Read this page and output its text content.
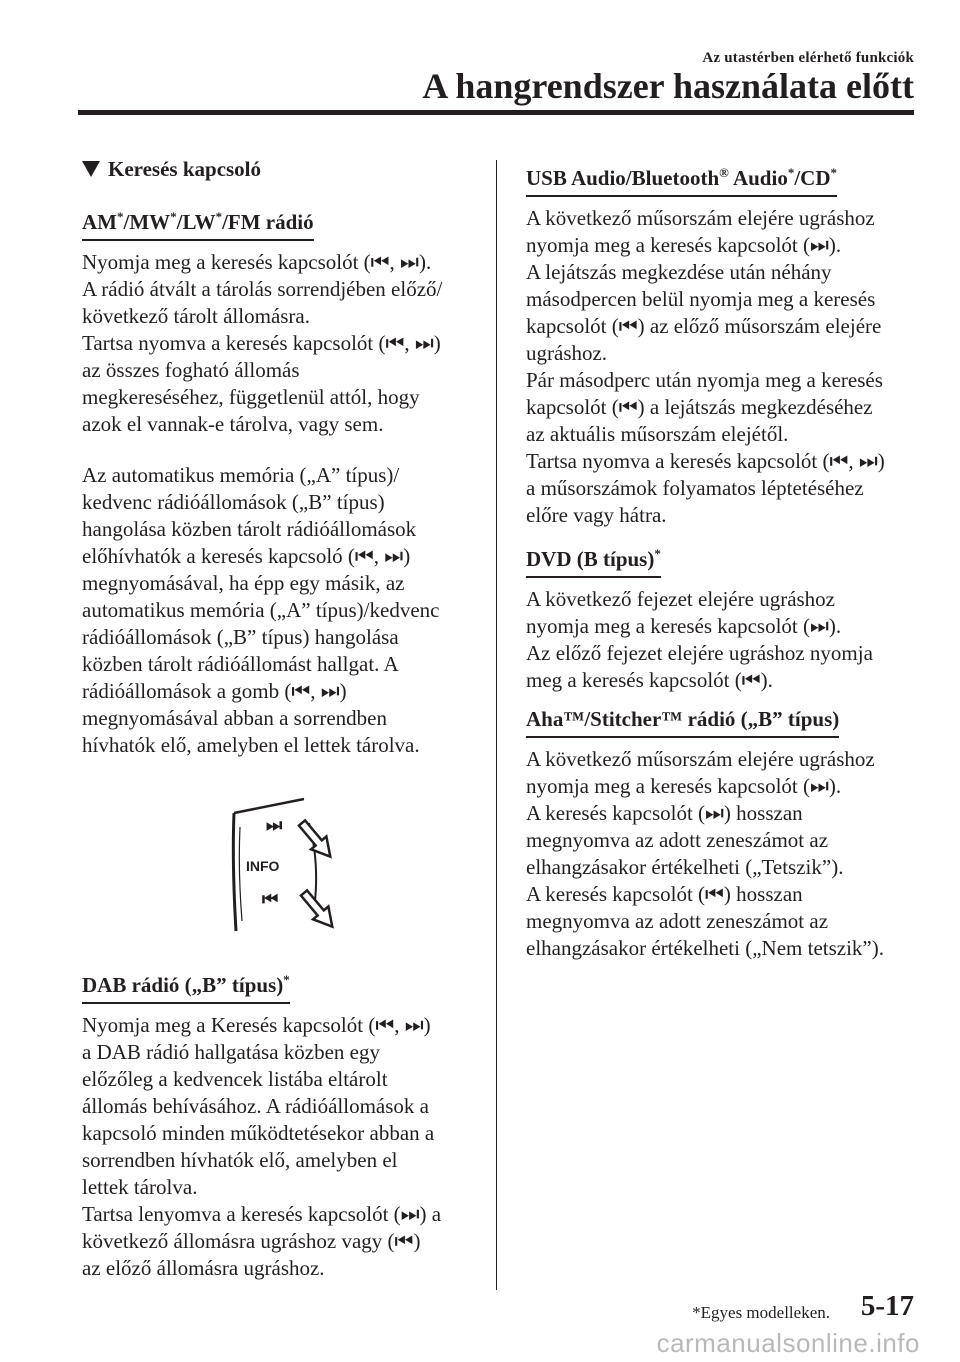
Az utastérben elérhető funkciók
A hangrendszer használata előtt
Keresés kapcsoló
AM*/MW*/LW*/FM rádió

Nyomja meg a keresés kapcsolót (⏮, ⏭).
A rádió átvált a tárolás sorrendjében előző/
következő tárolt állomásra.
Tartsa nyomva a keresés kapcsolót (⏮, ⏭)
az összes fogható állomás
megkereséséhez, függetlenül attól, hogy
azok el vannak-e tárolva, vagy sem.

Az automatikus memória („A” típus)/
kedvenc rádióállomások („B” típus)
hangolása közben tárolt rádióállomások
előhívhatók a keresés kapcsoló (⏮, ⏭)
megnyomásával, ha épp egy másik, az
automatikus memória („A” típus)/kedvenc
rádióállomások („B” típus) hangolása
közben tárolt rádióállomást hallgat. A
rádióállomások a gomb (⏮, ⏭)
megnyomásával abban a sorrendben
hívhatók elő, amelyben el lettek tárolva.

⏭
INFO
⏮
DAB rádió („B” típus)*

Nyomja meg a Keresés kapcsolót (⏮, ⏭)
a DAB rádió hallgatása közben egy
előzőleg a kedvencek listába eltárolt
állomás behívásához. A rádióállomások a
kapcsoló minden működtetésekor abban a
sorrendben hívhatók elő, amelyben el
lettek tárolva.
Tartsa lenyomva a keresés kapcsolót (⏭) a
következő állomásra ugráshoz vagy (⏮)
az előző állomásra ugráshoz.

USB Audio/Bluetooth® Audio*/CD*

A következő műsorszám elejére ugráshoz
nyomja meg a keresés kapcsolót (⏭).
A lejátszás megkezdése után néhány
másodpercen belül nyomja meg a keresés
kapcsolót (⏮) az előző műsorszám elejére
ugráshoz.
Pár másodperc után nyomja meg a keresés
kapcsolót (⏮) a lejátszás megkezdéséhez
az aktuális műsorszám elejétől.
Tartsa nyomva a keresés kapcsolót (⏮, ⏭)
a műsorszámok folyamatos léptetéséhez
előre vagy hátra.

DVD (B típus)*

A következő fejezet elejére ugráshoz
nyomja meg a keresés kapcsolót (⏭).
Az előző fejezet elejére ugráshoz nyomja
meg a keresés kapcsolót (⏮).

Aha™/Stitcher™ rádió („B” típus)

A következő műsorszám elejére ugráshoz
nyomja meg a keresés kapcsolót (⏭).
A keresés kapcsolót (⏭) hosszan
megnyomva az adott zeneszámot az
elhangzásakor értékelheti („Tetszik”).
A keresés kapcsolót (⏮) hosszan
megnyomva az adott zeneszámot az
elhangzásakor értékelheti („Nem tetszik”).

*Egyes modelleken. 5-17
carmanualsonline.info
